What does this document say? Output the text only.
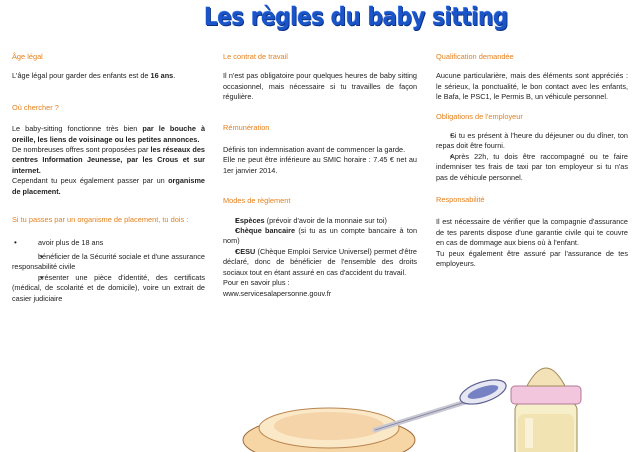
Les règles du baby sitting
Âge légal

L'âge légal pour garder des enfants est de 16 ans.

Où chercher ?

Le baby-sitting fonctionne très bien par le bouche à oreille, les liens de voisinage ou les petites annonces.

De nombreuses offres sont proposées par les réseaux des centres Information Jeunesse, par les Crous et sur internet.

Cependant tu peux également passer par un organisme de placement.

Si tu passes par un organisme de placement, tu dois :
• avoir plus de 18 ans
• bénéficier de la Sécurité sociale et d'une assurance responsabilité civile
• présenter une pièce d'identité, des certificats (médical, de scolarité et de domicile), voire un extrait de casier judiciaire
Le contrat de travail

Il n'est pas obligatoire pour quelques heures de baby sitting occasionnel, mais nécessaire si tu travailles de façon régulière.

Rémunération

Définis ton indemnisation avant de commencer la garde.

Elle ne peut être inférieure au SMIC horaire : 7.45 € net au 1er janvier 2014.

Modes de règlement
• Espèces (prévoir d'avoir de la monnaie sur toi)
• Chèque bancaire (si tu as un compte bancaire à ton nom)
• CESU (Chèque Emploi Service Universel) permet d'être déclaré, donc de bénéficier de l'ensemble des droits sociaux tout en étant assuré en cas d'accident du travail.

Pour en savoir plus :

www.servicesalapersonne.gouv.fr

Qualification demandée

Aucune particularière, mais des éléments sont appréciés : le sérieux, la ponctualité, le bon contact avec les enfants, le Bafa, le PSC1, le Permis B, un véhicule personnel.

Obligations de l'employeur
• Si tu es présent à l'heure du déjeuner ou du dîner, ton repas doit être fourni.
• Après 22h, tu dois être raccompagné ou te faire indemniser tes frais de taxi par ton employeur si tu n'as pas de véhicule personnel.
Responsabilité

Il est nécessaire de vérifier que la compagnie d'assurance de tes parents dispose d'une garantie civile qui te couvre en cas de dommage aux biens où à l'enfant.

Tu peux également être assuré par l'assurance de tes employeurs.
